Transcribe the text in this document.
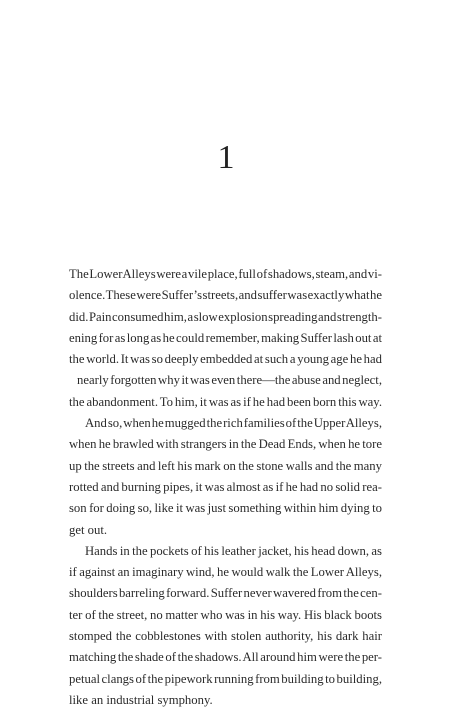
1

The Lower Alleys were a vile place, full of shadows, steam, and vi-
olence. These were Suffer’s streets, and suffer was exactly what he
did. Pain consumed him, a slow explosion spreading and strength-
ening for as long as he could remember, making Suffer lash out at
the world. It was so deeply embedded at such a young age he had
nearly forgotten why it was even there—the abuse and neglect,
the abandonment. To him, it was as if he had been born this way.

And so, when he mugged the rich families of the Upper Alleys,
when he brawled with strangers in the Dead Ends, when he tore
up the streets and left his mark on the stone walls and the many
rotted and burning pipes, it was almost as if he had no solid rea-
son for doing so, like it was just something within him dying to
get out.

Hands in the pockets of his leather jacket, his head down, as
if against an imaginary wind, he would walk the Lower Alleys,
shoulders barreling forward. Suffer never wavered from the cen-
ter of the street, no matter who was in his way. His black boots
stomped the cobblestones with stolen authority, his dark hair
matching the shade of the shadows. All around him were the per-
petual clangs of the pipework running from building to building,
like an industrial symphony.
